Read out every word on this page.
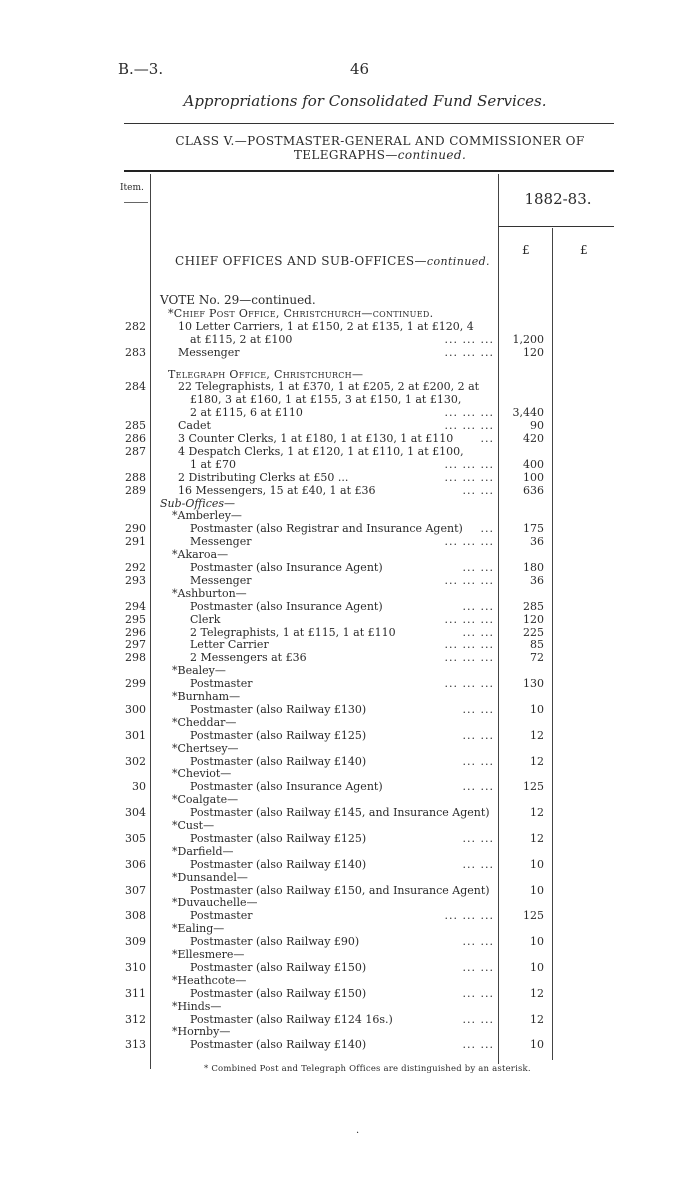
B.—3.	46
Appropriations for Consolidated Fund Services.
CLASS V.—POSTMASTER-GENERAL AND COMMISSIONER OF
TELEGRAPHS—continued.
Item.
1882-83.
£	£
CHIEF OFFICES AND SUB-OFFICES—continued.
VOTE No. 29—continued.
*Chief Post Office, Christchurch—continued.
282	10 Letter Carriers, 1 at £150, 2 at £135, 1 at £120, 4
at £115, 2 at £100	... ... ...	1,200
283	Messenger	... ... ...	120
Telegraph Office, Christchurch—
284	22 Telegraphists, 1 at £370, 1 at £205, 2 at £200, 2 at
£180, 3 at £160, 1 at £155, 3 at £150, 1 at £130,
2 at £115, 6 at £110	... ... ...	3,440
285	Cadet	... ... ...	90
286	3 Counter Clerks, 1 at £180, 1 at £130, 1 at £110 ...	420
287	4 Despatch Clerks, 1 at £120, 1 at £110, 1 at £100,
1 at £70	... ... ...	400
288	2 Distributing Clerks at £50 ...	... ... ...	100
289	16 Messengers, 15 at £40, 1 at £36	... ...	636
Sub-Offices—
*Amberley—
290	Postmaster (also Registrar and Insurance Agent) ...	175
291	Messenger	... ... ...	36
*Akaroa—
292	Postmaster (also Insurance Agent)	... ...	180
293	Messenger	... ... ...	36
*Ashburton—
294	Postmaster (also Insurance Agent)	... ...	285
295	Clerk	... ... ...	120
296	2 Telegraphists, 1 at £115, 1 at £110	... ...	225
297	Letter Carrier	... ... ...	85
298	2 Messengers at £36	... ... ...	72
*Bealey—
299	Postmaster	... ... ...	130
*Burnham—
300	Postmaster (also Railway £130)	... ...	10
*Cheddar—
301	Postmaster (also Railway £125)	... ...	12
*Chertsey—
302	Postmaster (also Railway £140)	... ...	12
*Cheviot—
30	Postmaster (also Insurance Agent)	... ...	125
*Coalgate—
304	Postmaster (also Railway £145, and Insurance Agent)	12
*Cust—
305	Postmaster (also Railway £125)	... ...	12
*Darfield—
306	Postmaster (also Railway £140)	... ...	10
*Dunsandel—
307	Postmaster (also Railway £150, and Insurance Agent)	10
*Duvauchelle—
308	Postmaster	... ... ...	125
*Ealing—
309	Postmaster (also Railway £90)	... ...	10
*Ellesmere—
310	Postmaster (also Railway £150)	... ...	10
*Heathcote—
311	Postmaster (also Railway £150)	... ...	12
*Hinds—
312	Postmaster (also Railway £124 16s.)	... ...	12
*Hornby—
313	Postmaster (also Railway £140)	... ...	10
* Combined Post and Telegraph Offices are distinguished by an asterisk.
·
